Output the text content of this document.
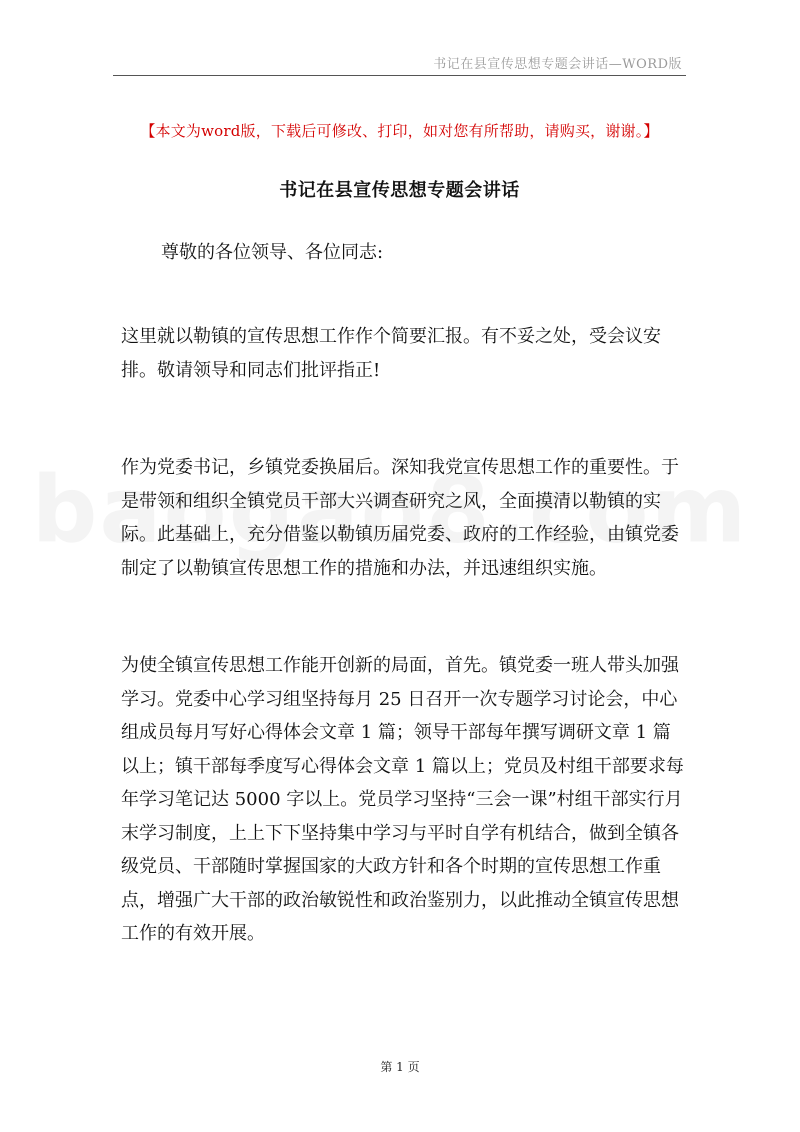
书记在县宣传思想专题会讲话—WORD版
【本文为word版，下载后可修改、打印，如对您有所帮助，请购买，谢谢。】
书记在县宣传思想专题会讲话
尊敬的各位领导、各位同志:
这里就以勒镇的宣传思想工作作个简要汇报。有不妥之处，受会议安排。敬请领导和同志们批评指正!
作为党委书记，乡镇党委换届后。深知我党宣传思想工作的重要性。于是带领和组织全镇党员干部大兴调查研究之风，全面摸清以勒镇的实际。此基础上，充分借鉴以勒镇历届党委、政府的工作经验，由镇党委制定了以勒镇宣传思想工作的措施和办法，并迅速组织实施。
为使全镇宣传思想工作能开创新的局面，首先。镇党委一班人带头加强学习。党委中心学习组坚持每月 25 日召开一次专题学习讨论会，中心组成员每月写好心得体会文章 1 篇；领导干部每年撰写调研文章 1 篇以上；镇干部每季度写心得体会文章 1 篇以上；党员及村组干部要求每年学习笔记达 5000 字以上。党员学习坚持“三会一课”村组干部实行月末学习制度，上上下下坚持集中学习与平时自学有机结合，做到全镇各级党员、干部随时掌握国家的大政方针和各个时期的宣传思想工作重点，增强广大干部的政治敏锐性和政治鉴别力，以此推动全镇宣传思想工作的有效开展。
第 1 页
